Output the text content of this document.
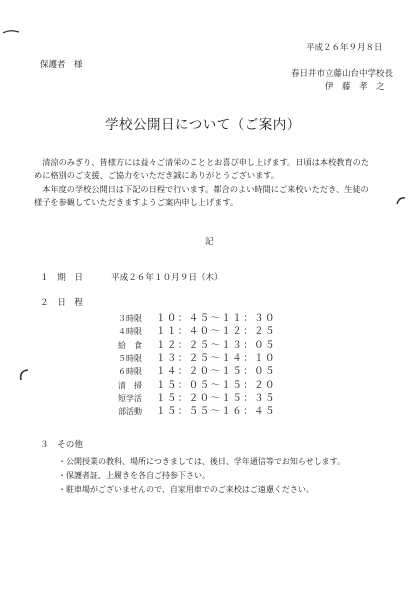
平成２６年９月８日
保護者　様
春日井市立藤山台中学校長
伊　藤　孝　之
学校公開日について（ご案内）
　清涼のみぎり、皆様方には益々ご清栄のこととお喜び申し上げます。日頃は本校教育のた
めに格別のご支援、ご協力をいただき誠にありがとうございます。
　本年度の学校公開日は下記の日程で行います。都合のよい時間にご来校いただき、生徒の
様子を参観していただきますようご案内申し上げます。
記
１　期　日	平成２６年１０月９日（木）
２　日　程
３時限	１０：４５～１１：３０
４時限	１１：４０～１２：２５
給　食	１２：２５～１３：０５
５時限	１３：２５～１４：１０
６時限	１４：２０～１５：０５
清　掃	１５：０５～１５：２０
短学活	１５：２０～１５：３５
部活動	１５：５５～１６：４５
３　その他
・公開授業の教科、場所につきましては、後日、学年通信等でお知らせします。
・保護者証、上履きを各自ご持参下さい。
・駐車場がございませんので、自家用車でのご来校はご遠慮ください。
